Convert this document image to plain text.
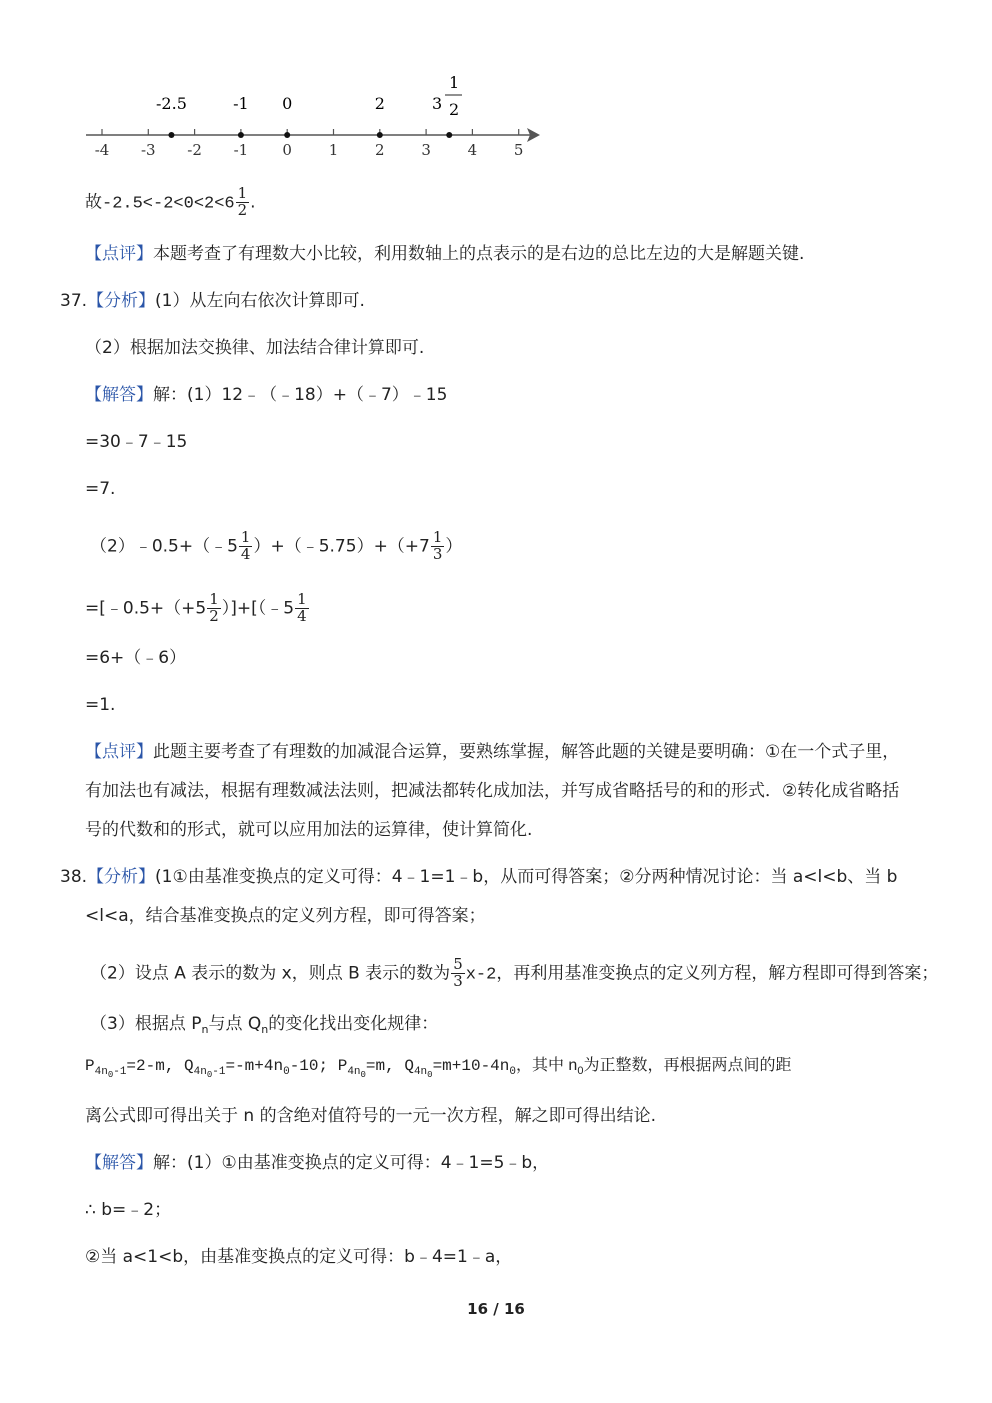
-4 -3 -2 -1 0 1 2 3 4 5
-2.5	-1 0	2	3
1
2
故$-2.5<-2<0<2<6 \frac{1}{2}$ .
【点评】本题考查了有理数大小比较，利用数轴上的点表示的是右边的总比左边的大是解题关键.
37.【分析】(1）从左向右依次计算即可.
（2）根据加法交换律、加法结合律计算即可.
【解答】解：(1）12﹣（﹣18）+（﹣7）﹣15
=30﹣7﹣15
=7.
（2）﹣0.5+（﹣5 $\frac{1}{4}$ ）+（﹣5.75）+（+7 $\frac{1}{3}$ ）
=[﹣0.5+（+5 $\frac{1}{2}$ ）]+[（﹣5 $\frac{1}{4}$
=6+（﹣6）
=1.
【点评】此题主要考查了有理数的加减混合运算，要熟练掌握，解答此题的关键是要明确：①在一个式子里，
有加法也有减法，根据有理数减法法则，把减法都转化成加法，并写成省略括号的和的形式．②转化成省略括
号的代数和的形式，就可以应用加法的运算律，使计算简化.
38.【分析】(1①由基准变换点的定义可得：4﹣1=1﹣b，从而可得答案；②分两种情况讨论：当 a<l<b、当 b
<l<a，结合基准变换点的定义列方程，即可得答案；
（2）设点 A 表示的数为 x，则点 B 表示的数为 $\frac{5}{3} x-2$，再利用基准变换点的定义列方程，解方程即可得到答案；
（3）根据点 $P_n$与点 $Q_n$的变化找出变化规律：
$P_{4n_0-1}=2-m$, $Q_{4n_0-1}=-m+4n_0-10$; $P_{4n_0}=m$, $Q_{4n_0}=m+10-4n_0$，其中 $n_0$为正整数，再根据两点间的距
离公式即可得出关于 n 的含绝对值符号的一元一次方程，解之即可得出结论.
【解答】解：(1）①由基准变换点的定义可得：4﹣1=5﹣b，
∴ b=﹣2；
②当 a<1<b，由基准变换点的定义可得：b﹣4=1﹣a，
16 / 16
